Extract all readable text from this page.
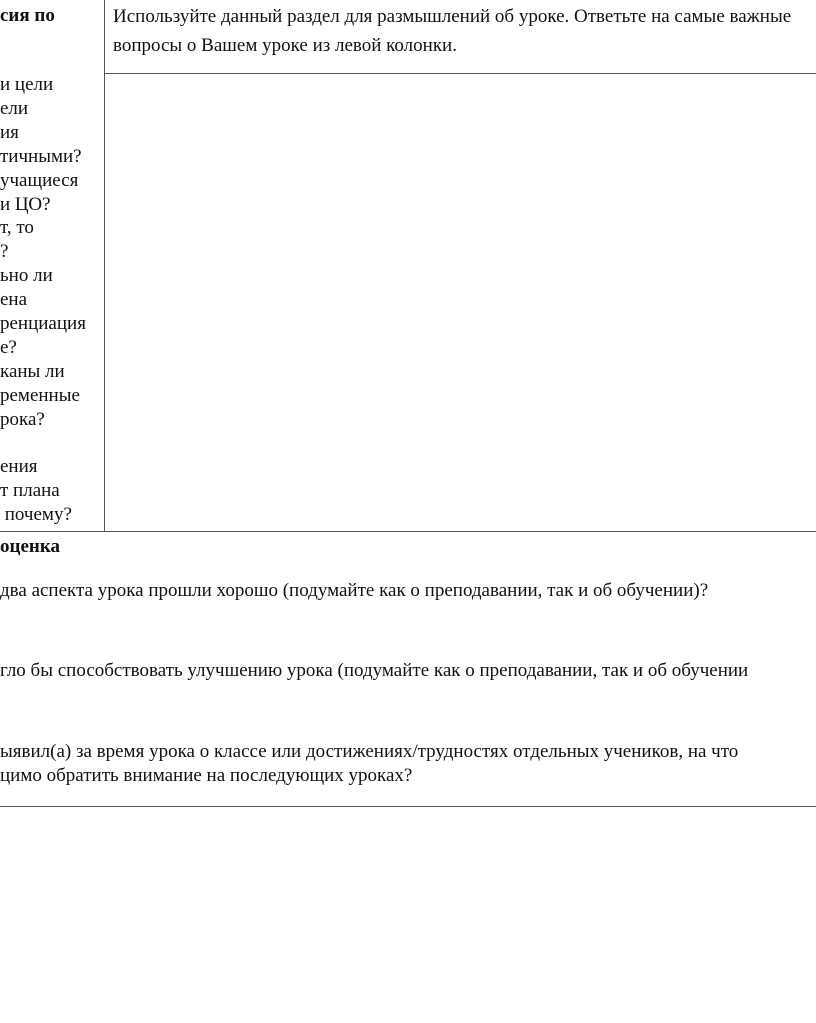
сия по
и цели
ели
ия
тичными?
учащиеся
и ЦО?
т, то
?
ьно ли
ена
ренциация
е?
каны ли
ременные
рока?
ения
т плана
почему?
Используйте данный раздел для размышлений об уроке. Ответьте на самые важные вопросы о Вашем уроке из левой колонки.
оценка
два аспекта урока прошли хорошо (подумайте как о преподавании, так и об обучении)?
гло бы способствовать улучшению урока (подумайте как о преподавании, так и об обучении
ыявил(а) за время урока о классе или достижениях/трудностях отдельных учеников, на что
цимо обратить внимание на последующих уроках?
